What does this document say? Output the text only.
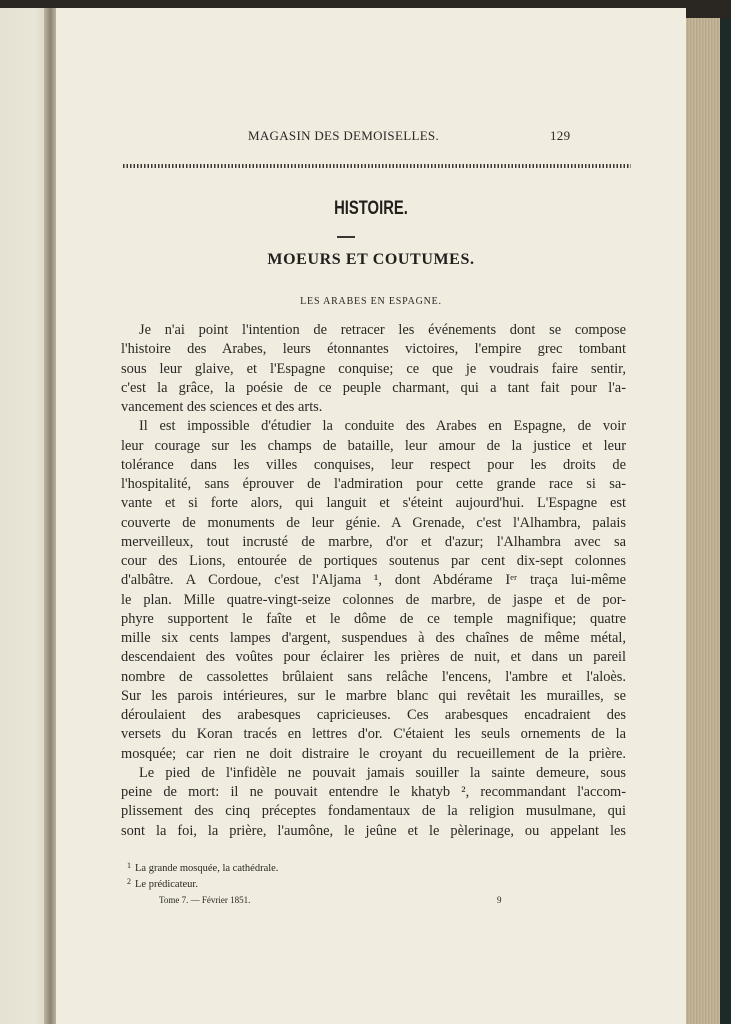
MAGASIN DES DEMOISELLES.	129
HISTOIRE.
MOEURS ET COUTUMES.
LES ARABES EN ESPAGNE.
Je n'ai point l'intention de retracer les événements dont se compose
l'histoire des Arabes, leurs étonnantes victoires, l'empire grec tombant
sous leur glaive, et l'Espagne conquise; ce que je voudrais faire sentir,
c'est la grâce, la poésie de ce peuple charmant, qui a tant fait pour l'a-
vancement des sciences et des arts.
Il est impossible d'étudier la conduite des Arabes en Espagne, de voir
leur courage sur les champs de bataille, leur amour de la justice et leur
tolérance dans les villes conquises, leur respect pour les droits de
l'hospitalité, sans éprouver de l'admiration pour cette grande race si sa-
vante et si forte alors, qui languit et s'éteint aujourd'hui. L'Espagne est
couverte de monuments de leur génie. A Grenade, c'est l'Alhambra, palais
merveilleux, tout incrusté de marbre, d'or et d'azur; l'Alhambra avec sa
cour des Lions, entourée de portiques soutenus par cent dix-sept colonnes
d'albâtre. A Cordoue, c'est l'Aljama ¹, dont Abdérame Iᵉʳ traça lui-même
le plan. Mille quatre-vingt-seize colonnes de marbre, de jaspe et de por-
phyre supportent le faîte et le dôme de ce temple magnifique; quatre
mille six cents lampes d'argent, suspendues à des chaînes de même métal,
descendaient des voûtes pour éclairer les prières de nuit, et dans un pareil
nombre de cassolettes brûlaient sans relâche l'encens, l'ambre et l'aloès.
Sur les parois intérieures, sur le marbre blanc qui revêtait les murailles, se
déroulaient des arabesques capricieuses. Ces arabesques encadraient des
versets du Koran tracés en lettres d'or. C'étaient les seuls ornements de la
mosquée; car rien ne doit distraire le croyant du recueillement de la prière.
Le pied de l'infidèle ne pouvait jamais souiller la sainte demeure, sous
peine de mort: il ne pouvait entendre le khatyb ², recommandant l'accom-
plissement des cinq préceptes fondamentaux de la religion musulmane, qui
sont la foi, la prière, l'aumône, le jeûne et le pèlerinage, ou appelant les
$^1$ La grande mosquée, la cathédrale.
$^2$ Le prédicateur.
Tome 7. — Février 1851.	9
